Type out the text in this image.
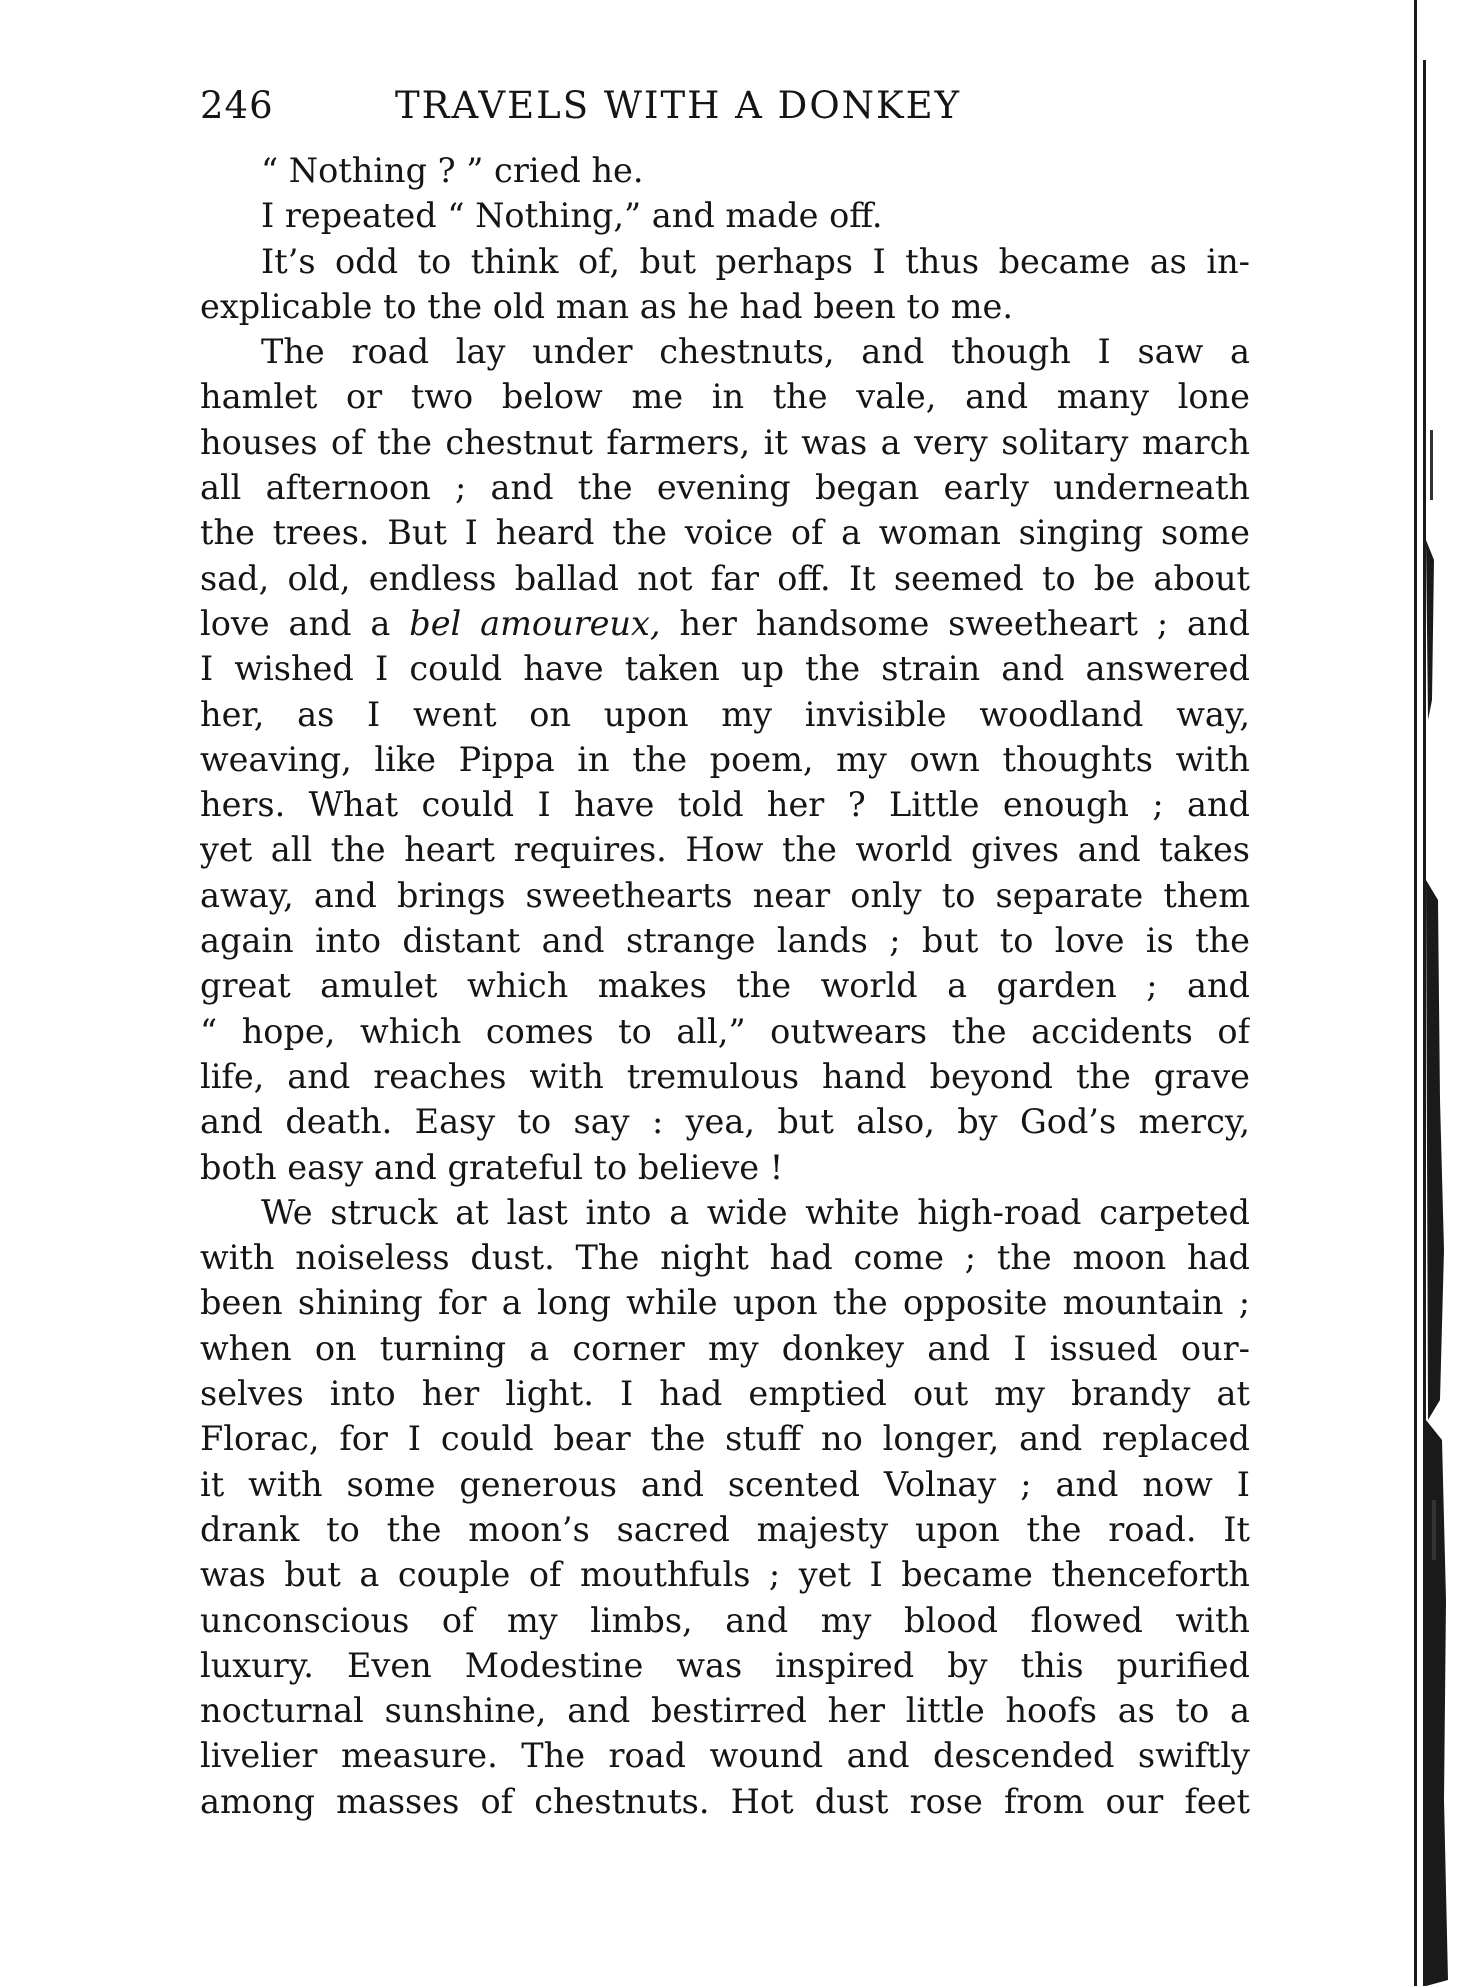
246	TRAVELS WITH A DONKEY
“ Nothing ? ” cried he.
I repeated “ Nothing,” and made off.
It’s odd to think of, but perhaps I thus became as in-
explicable to the old man as he had been to me.
The road lay under chestnuts, and though I saw a
hamlet or two below me in the vale, and many lone
houses of the chestnut farmers, it was a very solitary march
all afternoon ; and the evening began early underneath
the trees. But I heard the voice of a woman singing some
sad, old, endless ballad not far off. It seemed to be about
love and a bel amoureux, her handsome sweetheart ; and
I wished I could have taken up the strain and answered
her, as I went on upon my invisible woodland way,
weaving, like Pippa in the poem, my own thoughts with
hers. What could I have told her ? Little enough ; and
yet all the heart requires. How the world gives and takes
away, and brings sweethearts near only to separate them
again into distant and strange lands ; but to love is the
great amulet which makes the world a garden ; and
“ hope, which comes to all,” outwears the accidents of
life, and reaches with tremulous hand beyond the grave
and death. Easy to say : yea, but also, by God’s mercy,
both easy and grateful to believe !
We struck at last into a wide white high-road carpeted
with noiseless dust. The night had come ; the moon had
been shining for a long while upon the opposite mountain ;
when on turning a corner my donkey and I issued our-
selves into her light. I had emptied out my brandy at
Florac, for I could bear the stuff no longer, and replaced
it with some generous and scented Volnay ; and now I
drank to the moon’s sacred majesty upon the road. It
was but a couple of mouthfuls ; yet I became thenceforth
unconscious of my limbs, and my blood flowed with
luxury. Even Modestine was inspired by this purified
nocturnal sunshine, and bestirred her little hoofs as to a
livelier measure. The road wound and descended swiftly
among masses of chestnuts. Hot dust rose from our feet
